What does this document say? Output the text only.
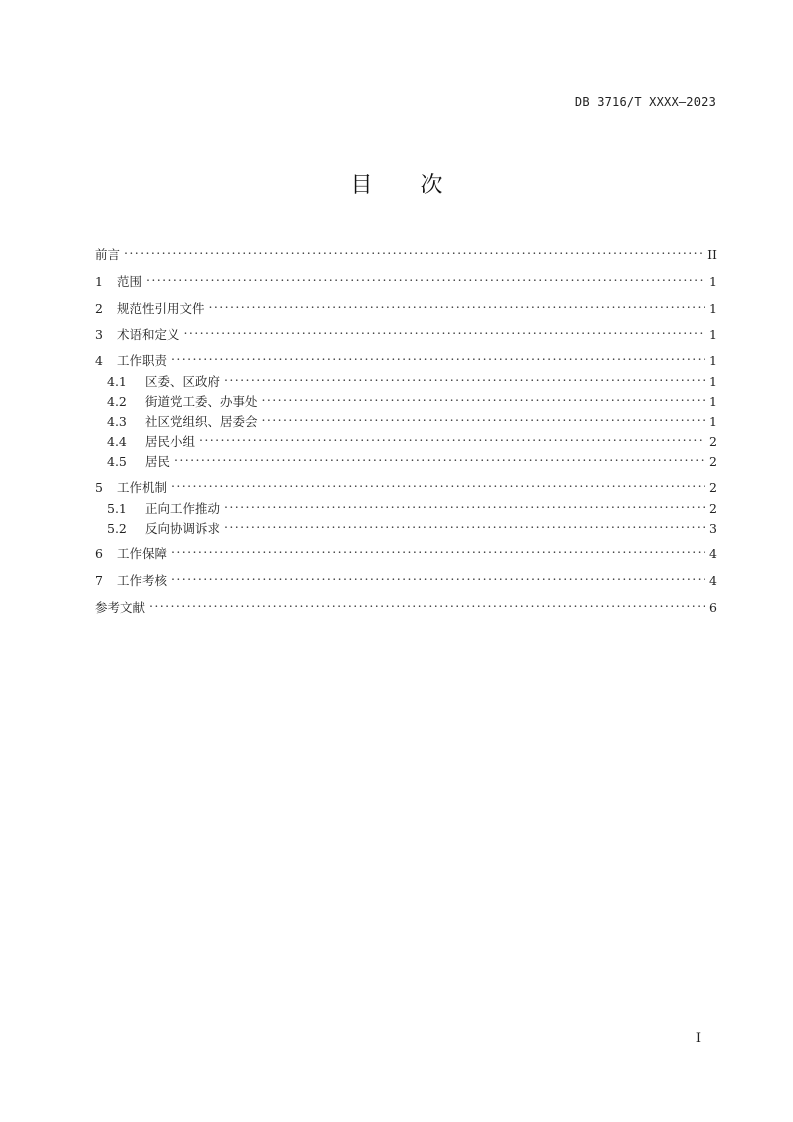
DB 3716/T XXXX—2023
目次
前言 .....	II
1	范围 .....	1
2	规范性引用文件 .....	1
3	术语和定义 .....	1
4	工作职责 .....	1
4.1	区委、区政府 .....	1
4.2	街道党工委、办事处 .....	1
4.3	社区党组织、居委会 .....	1
4.4	居民小组 .....	2
4.5	居民 .....	2
5	工作机制 .....	2
5.1	正向工作推动 .....	2
5.2	反向协调诉求 .....	3
6	工作保障 .....	4
7	工作考核 .....	4
参考文献 .....	6
I
